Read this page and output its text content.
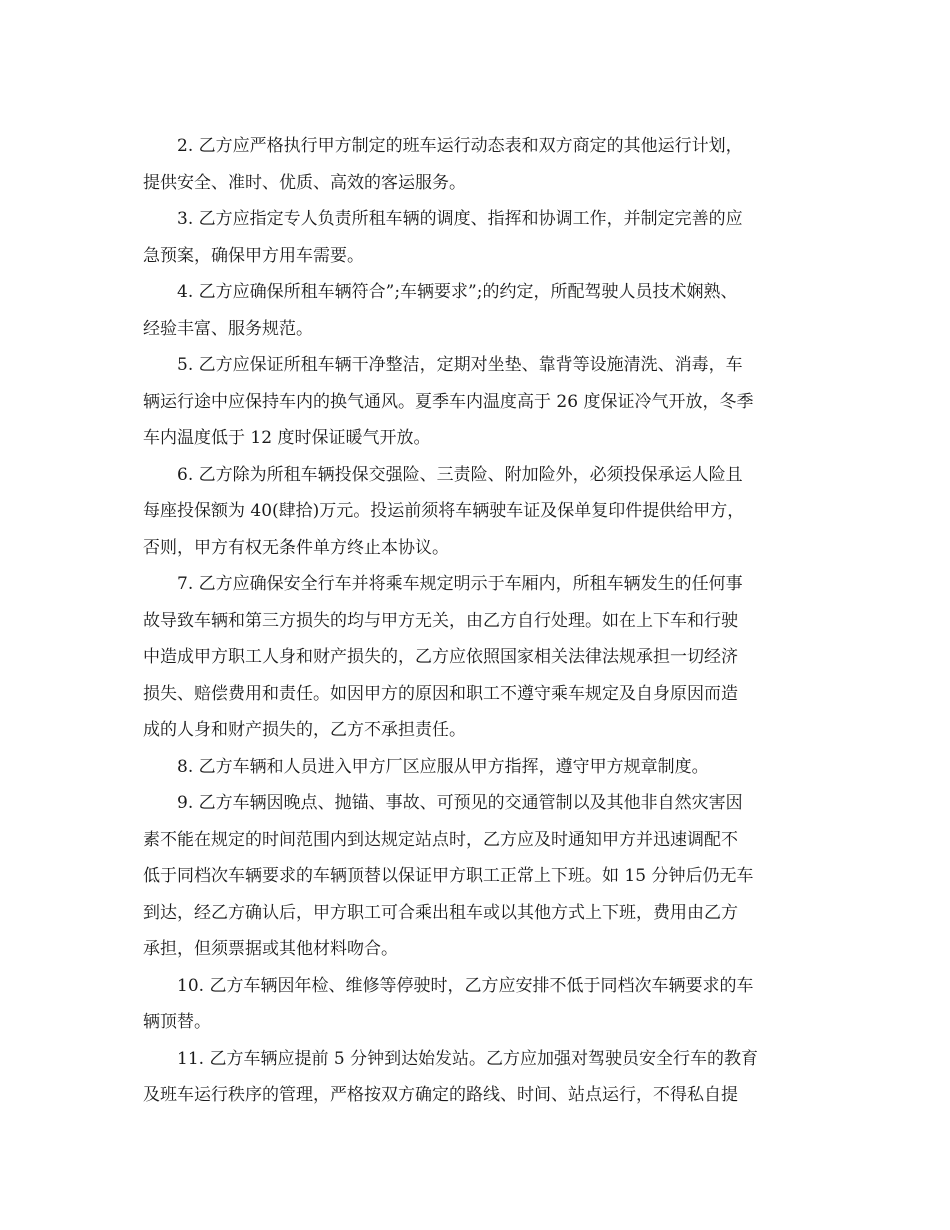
2. 乙方应严格执行甲方制定的班车运行动态表和双方商定的其他运行计划，
提供安全、准时、优质、高效的客运服务。

3. 乙方应指定专人负责所租车辆的调度、指挥和协调工作，并制定完善的应
急预案，确保甲方用车需要。

4. 乙方应确保所租车辆符合”;车辆要求”;的约定，所配驾驶人员技术娴熟、
经验丰富、服务规范。

5. 乙方应保证所租车辆干净整洁，定期对坐垫、靠背等设施清洗、消毒，车
辆运行途中应保持车内的换气通风。夏季车内温度高于 26 度保证冷气开放，冬季
车内温度低于 12 度时保证暖气开放。

6. 乙方除为所租车辆投保交强险、三责险、附加险外，必须投保承运人险且
每座投保额为 40(肆拾)万元。投运前须将车辆驶车证及保单复印件提供给甲方，
否则，甲方有权无条件单方终止本协议。

7. 乙方应确保安全行车并将乘车规定明示于车厢内，所租车辆发生的任何事
故导致车辆和第三方损失的均与甲方无关，由乙方自行处理。如在上下车和行驶
中造成甲方职工人身和财产损失的，乙方应依照国家相关法律法规承担一切经济
损失、赔偿费用和责任。如因甲方的原因和职工不遵守乘车规定及自身原因而造
成的人身和财产损失的，乙方不承担责任。

8. 乙方车辆和人员进入甲方厂区应服从甲方指挥，遵守甲方规章制度。

9. 乙方车辆因晚点、抛锚、事故、可预见的交通管制以及其他非自然灾害因
素不能在规定的时间范围内到达规定站点时，乙方应及时通知甲方并迅速调配不
低于同档次车辆要求的车辆顶替以保证甲方职工正常上下班。如 15 分钟后仍无车
到达，经乙方确认后，甲方职工可合乘出租车或以其他方式上下班，费用由乙方
承担，但须票据或其他材料吻合。

10. 乙方车辆因年检、维修等停驶时，乙方应安排不低于同档次车辆要求的车
辆顶替。

11. 乙方车辆应提前 5 分钟到达始发站。乙方应加强对驾驶员安全行车的教育
及班车运行秩序的管理，严格按双方确定的路线、时间、站点运行，不得私自提
